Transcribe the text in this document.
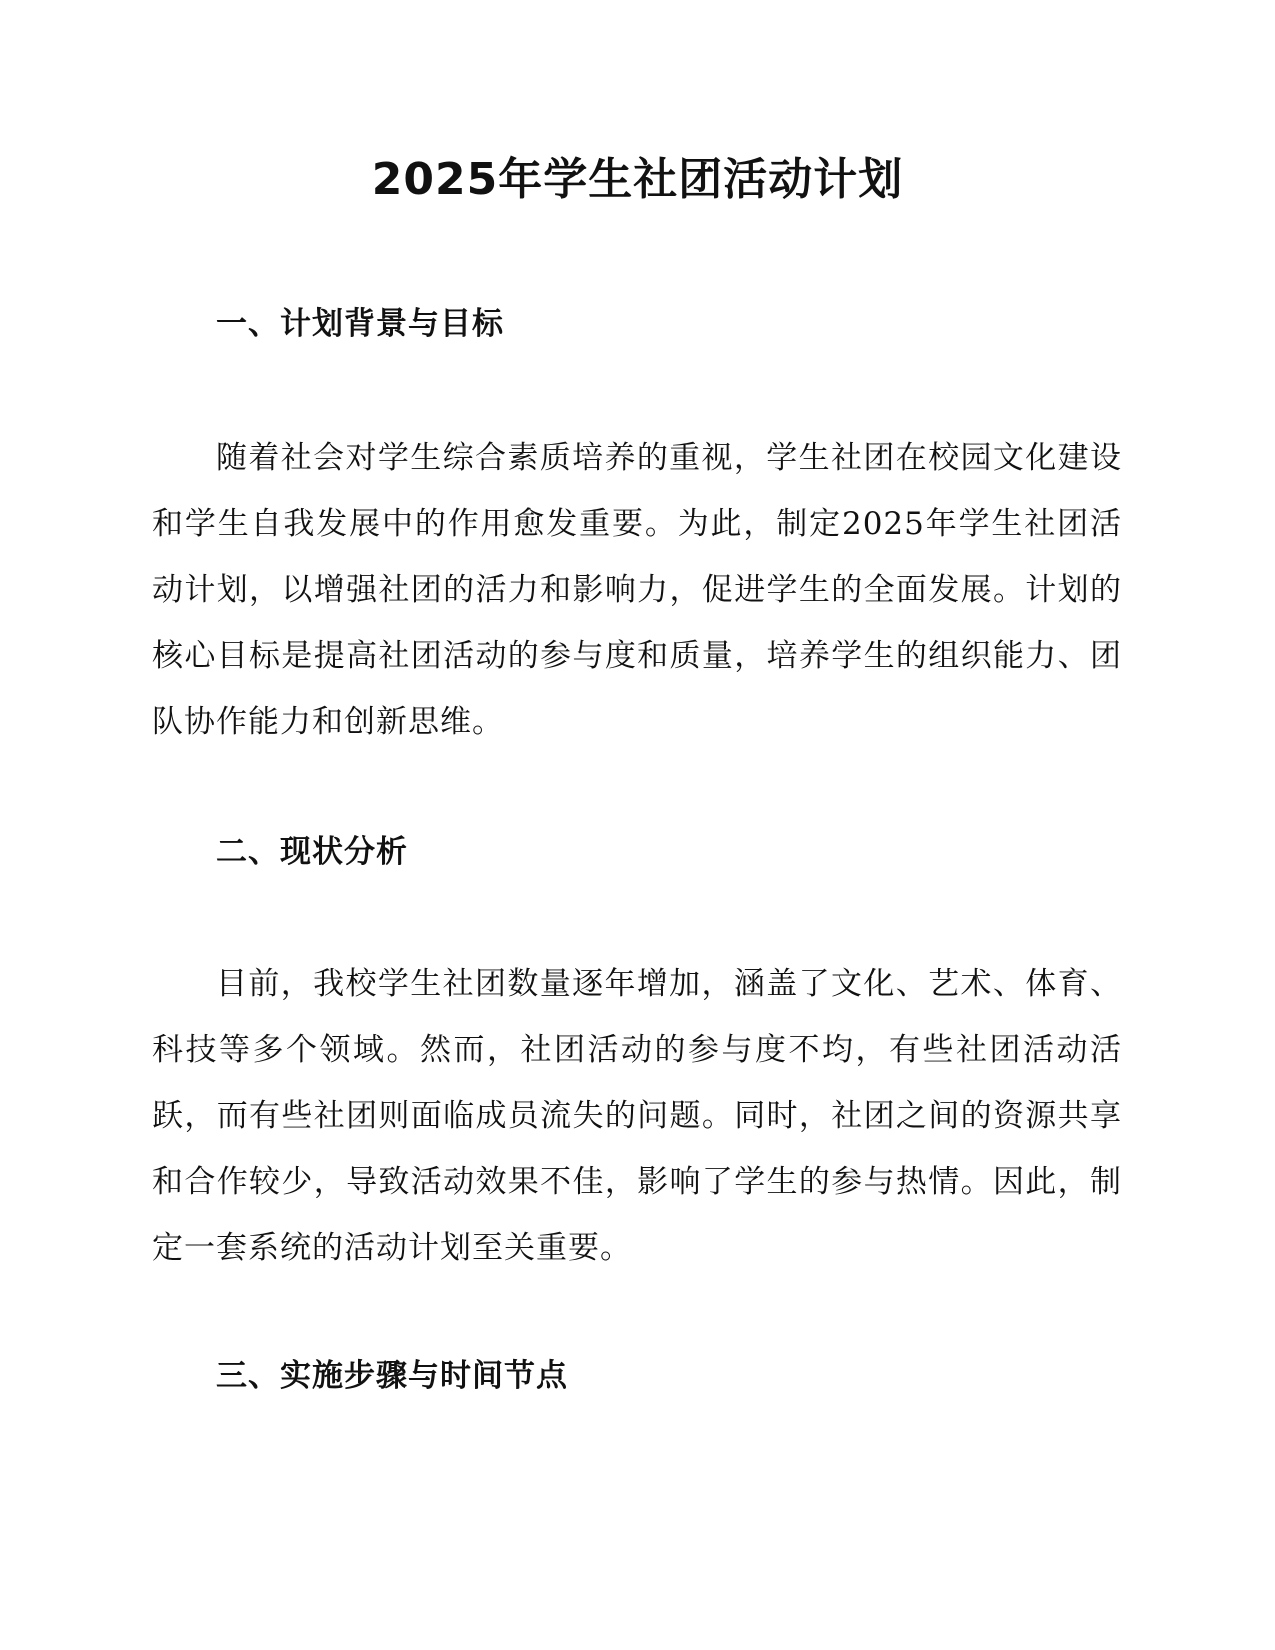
2025年学生社团活动计划
一、计划背景与目标

随着社会对学生综合素质培养的重视，学生社团在校园文化建设和学生自我发展中的作用愈发重要。为此，制定2025年学生社团活动计划，以增强社团的活力和影响力，促进学生的全面发展。计划的核心目标是提高社团活动的参与度和质量，培养学生的组织能力、团队协作能力和创新思维。

二、现状分析

目前，我校学生社团数量逐年增加，涵盖了文化、艺术、体育、科技等多个领域。然而，社团活动的参与度不均，有些社团活动活跃，而有些社团则面临成员流失的问题。同时，社团之间的资源共享和合作较少，导致活动效果不佳，影响了学生的参与热情。因此，制定一套系统的活动计划至关重要。

三、实施步骤与时间节点
